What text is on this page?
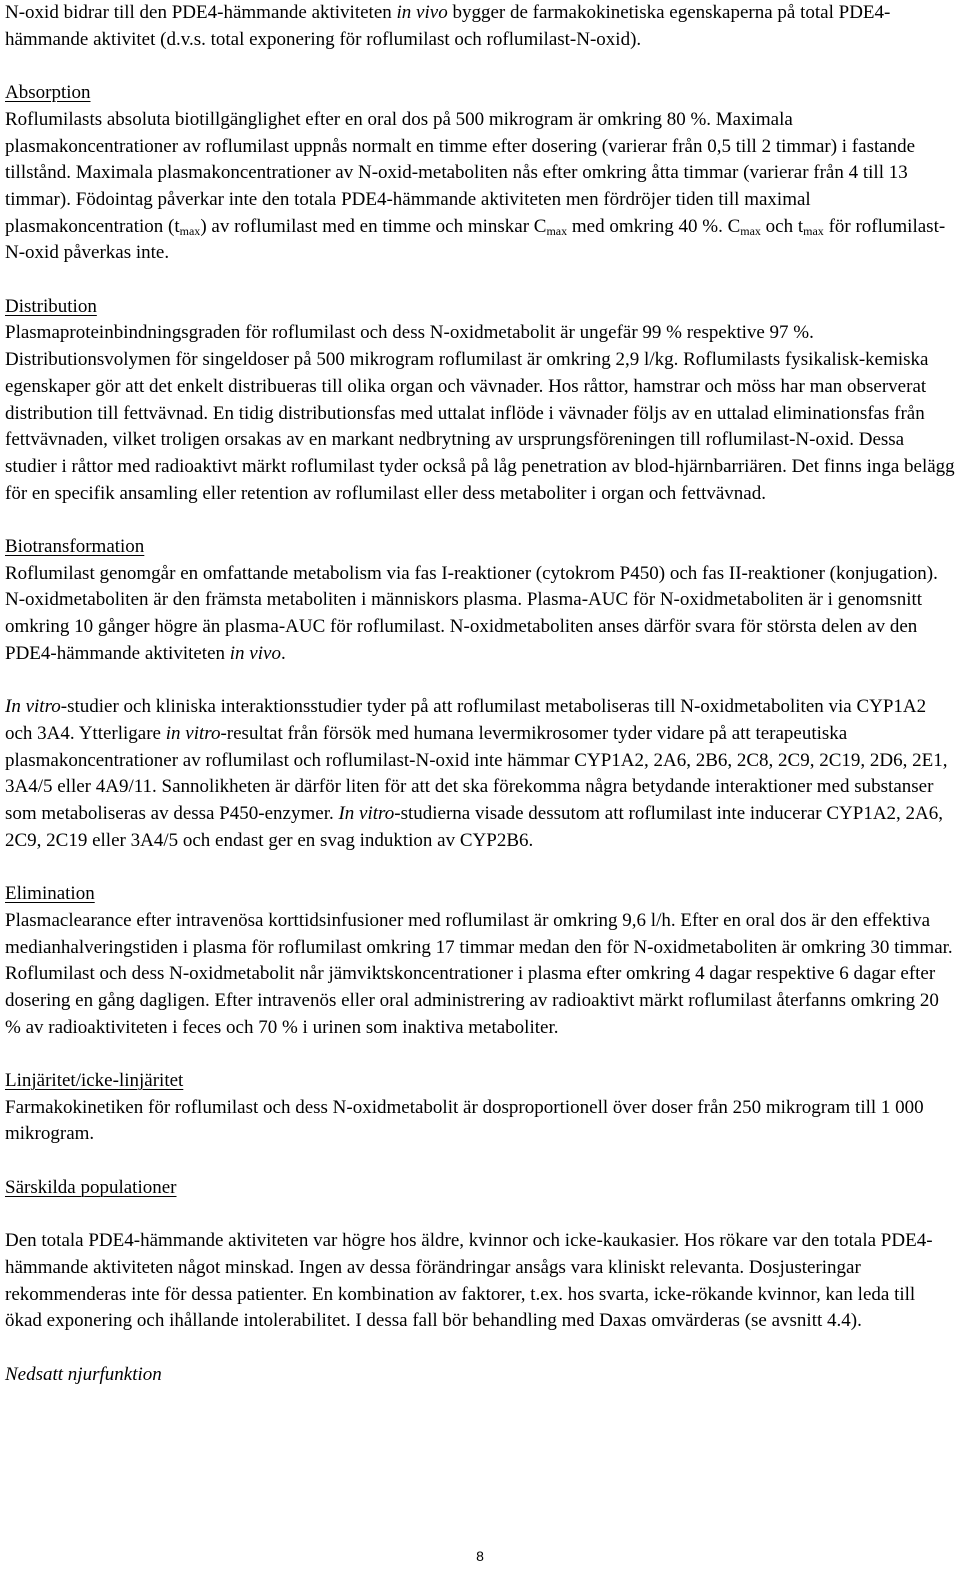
N-oxid bidrar till den PDE4-hämmande aktiviteten in vivo bygger de farmakokinetiska egenskaperna på total PDE4-hämmande aktivitet (d.v.s. total exponering för roflumilast och roflumilast-N-oxid).

Absorption

Roflumilasts absoluta biotillgänglighet efter en oral dos på 500 mikrogram är omkring 80 %. Maximala plasmakoncentrationer av roflumilast uppnås normalt en timme efter dosering (varierar från 0,5 till 2 timmar) i fastande tillstånd. Maximala plasmakoncentrationer av N-oxid-metaboliten nås efter omkring åtta timmar (varierar från 4 till 13 timmar). Födointag påverkar inte den totala PDE4-hämmande aktiviteten men fördröjer tiden till maximal plasmakoncentration $(t_{max})$ av roflumilast med en timme och minskar $C_{max}$ med omkring 40 %. $C_{max}$ och $t_{max}$ för roflumilast-N-oxid påverkas inte.

Distribution

Plasmaproteinbindningsgraden för roflumilast och dess N-oxidmetabolit är ungefär 99 % respektive 97 %. Distributionsvolymen för singeldoser på 500 mikrogram roflumilast är omkring 2,9 l/kg. Roflumilasts fysikalisk-kemiska egenskaper gör att det enkelt distribueras till olika organ och vävnader. Hos råttor, hamstrar och möss har man observerat distribution till fettvävnad. En tidig distributionsfas med uttalat inflöde i vävnader följs av en uttalad eliminationsfas från fettvävnaden, vilket troligen orsakas av en markant nedbrytning av ursprungsföreningen till roflumilast-N-oxid. Dessa studier i råttor med radioaktivt märkt roflumilast tyder också på låg penetration av blod-hjärnbarriären. Det finns inga belägg för en specifik ansamling eller retention av roflumilast eller dess metaboliter i organ och fettvävnad.

Biotransformation

Roflumilast genomgår en omfattande metabolism via fas I-reaktioner (cytokrom P450) och fas II-reaktioner (konjugation). N-oxidmetaboliten är den främsta metaboliten i människors plasma. Plasma-AUC för N-oxidmetaboliten är i genomsnitt omkring 10 gånger högre än plasma-AUC för roflumilast. N-oxidmetaboliten anses därför svara för största delen av den PDE4-hämmande aktiviteten in vivo.

In vitro-studier och kliniska interaktionsstudier tyder på att roflumilast metaboliseras till N-oxidmetaboliten via CYP1A2 och 3A4. Ytterligare in vitro-resultat från försök med humana levermikrosomer tyder vidare på att terapeutiska plasmakoncentrationer av roflumilast och roflumilast-N-oxid inte hämmar CYP1A2, 2A6, 2B6, 2C8, 2C9, 2C19, 2D6, 2E1, 3A4/5 eller 4A9/11. Sannolikheten är därför liten för att det ska förekomma några betydande interaktioner med substanser som metaboliseras av dessa P450-enzymer. In vitro-studierna visade dessutom att roflumilast inte inducerar CYP1A2, 2A6, 2C9, 2C19 eller 3A4/5 och endast ger en svag induktion av CYP2B6.

Elimination

Plasmaclearance efter intravenösa korttidsinfusioner med roflumilast är omkring 9,6 l/h. Efter en oral dos är den effektiva medianhalveringstiden i plasma för roflumilast omkring 17 timmar medan den för N-oxidmetaboliten är omkring 30 timmar. Roflumilast och dess N-oxidmetabolit når jämviktskoncentrationer i plasma efter omkring 4 dagar respektive 6 dagar efter dosering en gång dagligen. Efter intravenös eller oral administrering av radioaktivt märkt roflumilast återfanns omkring 20 % av radioaktiviteten i feces och 70 % i urinen som inaktiva metaboliter.

Linjäritet/icke-linjäritet

Farmakokinetiken för roflumilast och dess N-oxidmetabolit är dosproportionell över doser från 250 mikrogram till 1 000 mikrogram.

Särskilda populationer

Den totala PDE4-hämmande aktiviteten var högre hos äldre, kvinnor och icke-kaukasier. Hos rökare var den totala PDE4-hämmande aktiviteten något minskad. Ingen av dessa förändringar ansågs vara kliniskt relevanta. Dosjusteringar rekommenderas inte för dessa patienter. En kombination av faktorer, t.ex. hos svarta, icke-rökande kvinnor, kan leda till ökad exponering och ihållande intolerabilitet. I dessa fall bör behandling med Daxas omvärderas (se avsnitt 4.4).

Nedsatt njurfunktion

8
